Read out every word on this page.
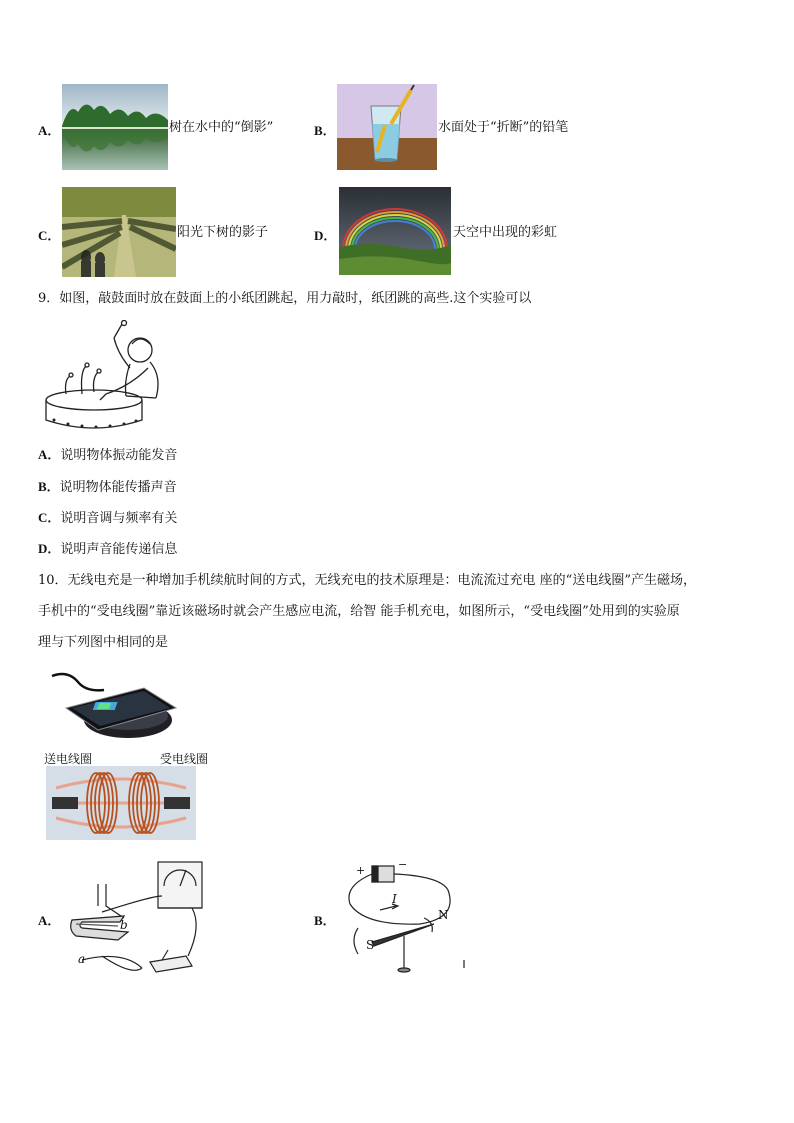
A．	树在水中的“倒影”	B．	水面处于“折断”的铅笔
C．	阳光下树的影子	D．	天空中出现的彩虹
9．如图，敲鼓面时放在鼓面上的小纸团跳起，用力敲时，纸团跳的高些.这个实验可以
A．说明物体振动能发音
B．说明物体能传播声音
C．说明音调与频率有关
D．说明声音能传递信息
10．无线电充是一种增加手机续航时间的方式，无线充电的技术原理是：电流流过充电 座的“送电线圈”产生磁场，
手机中的“受电线圈”靠近该磁场时就会产生感应电流，给智 能手机充电，如图所示，“受电线圈”处用到的实验原
理与下列图中相同的是
送电线圈	受电线圈
A．	b
a
B．
+	−
I
N
S
